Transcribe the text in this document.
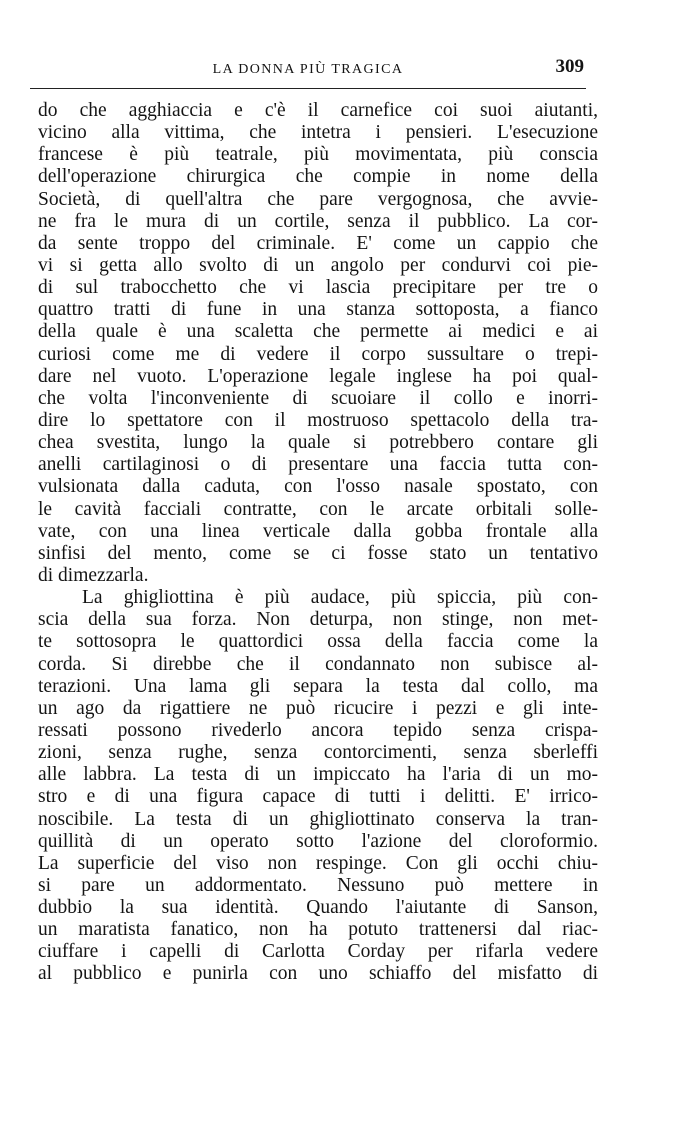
LA DONNA PIÙ TRAGICA	309
do che agghiaccia e c'è il carnefice coi suoi aiutanti,
vicino alla vittima, che intetra i pensieri. L'esecuzione
francese è più teatrale, più movimentata, più conscia
dell'operazione chirurgica che compie in nome della
Società, di quell'altra che pare vergognosa, che avvie-
ne fra le mura di un cortile, senza il pubblico. La cor-
da sente troppo del criminale. E' come un cappio che
vi si getta allo svolto di un angolo per condurvi coi pie-
di sul trabocchetto che vi lascia precipitare per tre o
quattro tratti di fune in una stanza sottoposta, a fianco
della quale è una scaletta che permette ai medici e ai
curiosi come me di vedere il corpo sussultare o trepi-
dare nel vuoto. L'operazione legale inglese ha poi qual-
che volta l'inconveniente di scuoiare il collo e inorri-
dire lo spettatore con il mostruoso spettacolo della tra-
chea svestita, lungo la quale si potrebbero contare gli
anelli cartilaginosi o di presentare una faccia tutta con-
vulsionata dalla caduta, con l'osso nasale spostato, con
le cavità facciali contratte, con le arcate orbitali solle-
vate, con una linea verticale dalla gobba frontale alla
sinfisi del mento, come se ci fosse stato un tentativo
di dimezzarla.
La ghigliottina è più audace, più spiccia, più con-
scia della sua forza. Non deturpa, non stinge, non met-
te sottosopra le quattordici ossa della faccia come la
corda. Si direbbe che il condannato non subisce al-
terazioni. Una lama gli separa la testa dal collo, ma
un ago da rigattiere ne può ricucire i pezzi e gli inte-
ressati possono rivederlo ancora tepido senza crispa-
zioni, senza rughe, senza contorcimenti, senza sberleffi
alle labbra. La testa di un impiccato ha l'aria di un mo-
stro e di una figura capace di tutti i delitti. E' irrico-
noscibile. La testa di un ghigliottinato conserva la tran-
quillità di un operato sotto l'azione del cloroformio.
La superficie del viso non respinge. Con gli occhi chiu-
si pare un addormentato. Nessuno può mettere in
dubbio la sua identità. Quando l'aiutante di Sanson,
un maratista fanatico, non ha potuto trattenersi dal riac-
ciuffare i capelli di Carlotta Corday per rifarla vedere
al pubblico e punirla con uno schiaffo del misfatto di
